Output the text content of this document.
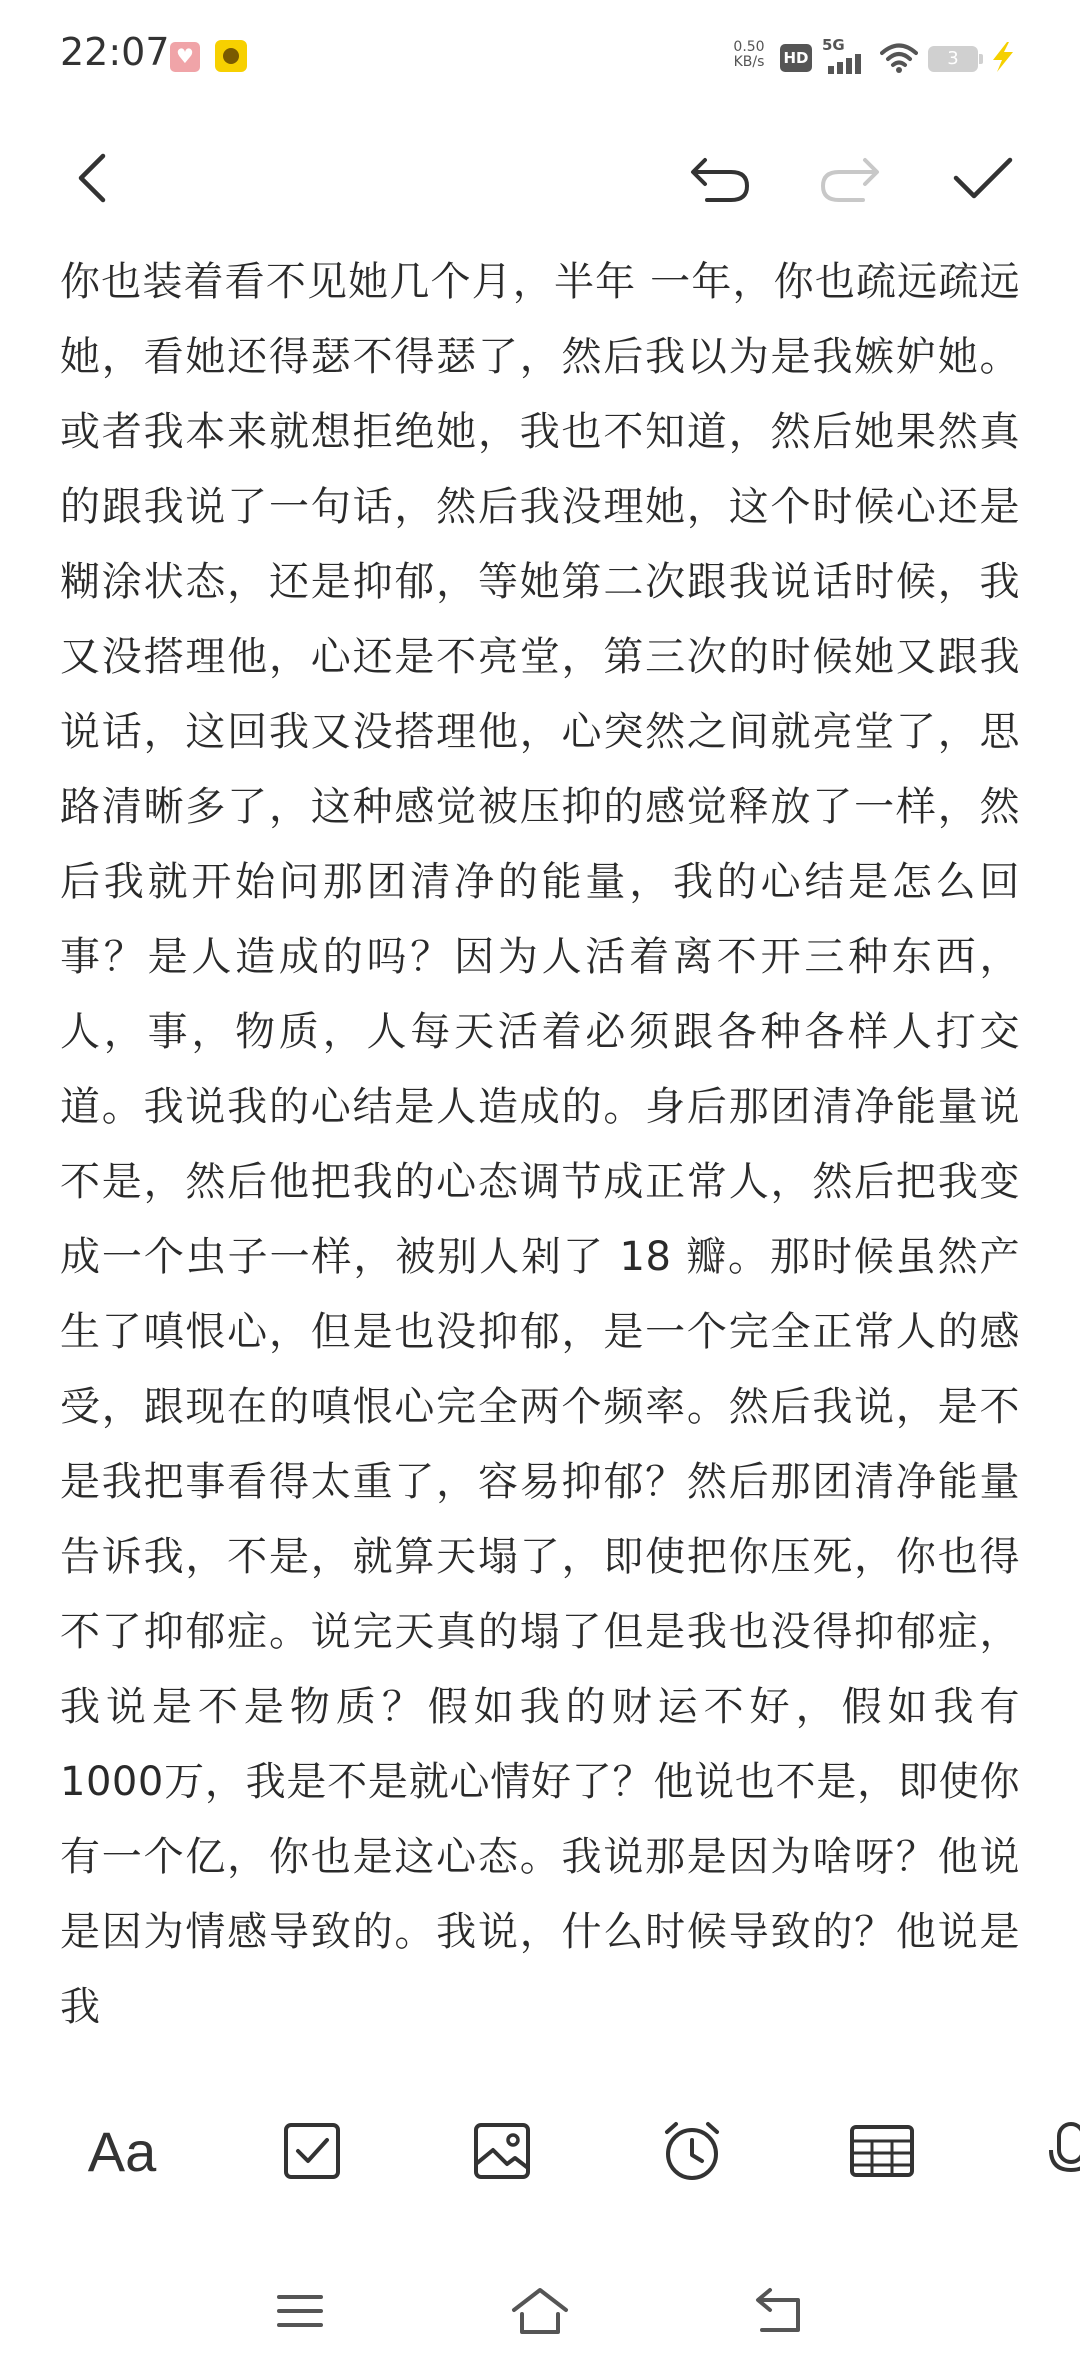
22:07
♥	0.50
KB/s	HD
5G
3
你也装着看不见她几个月，半年 一年，你也疏远疏远她，看她还得瑟不得瑟了，然后我以为是我嫉妒她。或者我本来就想拒绝她，我也不知道，然后她果然真的跟我说了一句话，然后我没理她，这个时候心还是糊涂状态，还是抑郁，等她第二次跟我说话时候，我又没搭理他，心还是不亮堂，第三次的时候她又跟我说话，这回我又没搭理他，心突然之间就亮堂了，思路清晰多了，这种感觉被压抑的感觉释放了一样，然后我就开始问那团清净的能量，我的心结是怎么回事？是人造成的吗？因为人活着离不开三种东西，人，事，物质，人每天活着必须跟各种各样人打交道。我说我的心结是人造成的。身后那团清净能量说不是，然后他把我的心态调节成正常人，然后把我变成一个虫子一样，被别人剁了 18 瓣。那时候虽然产生了嗔恨心，但是也没抑郁，是一个完全正常人的感受，跟现在的嗔恨心完全两个频率。然后我说，是不是我把事看得太重了，容易抑郁？然后那团清净能量告诉我，不是，就算天塌了，即使把你压死，你也得不了抑郁症。说完天真的塌了但是我也没得抑郁症，我说是不是物质？假如我的财运不好，假如我有 1000万，我是不是就心情好了？他说也不是，即使你有一个亿，你也是这心态。我说那是因为啥呀？他说是因为情感导致的。我说，什么时候导致的？他说是我
Aa
